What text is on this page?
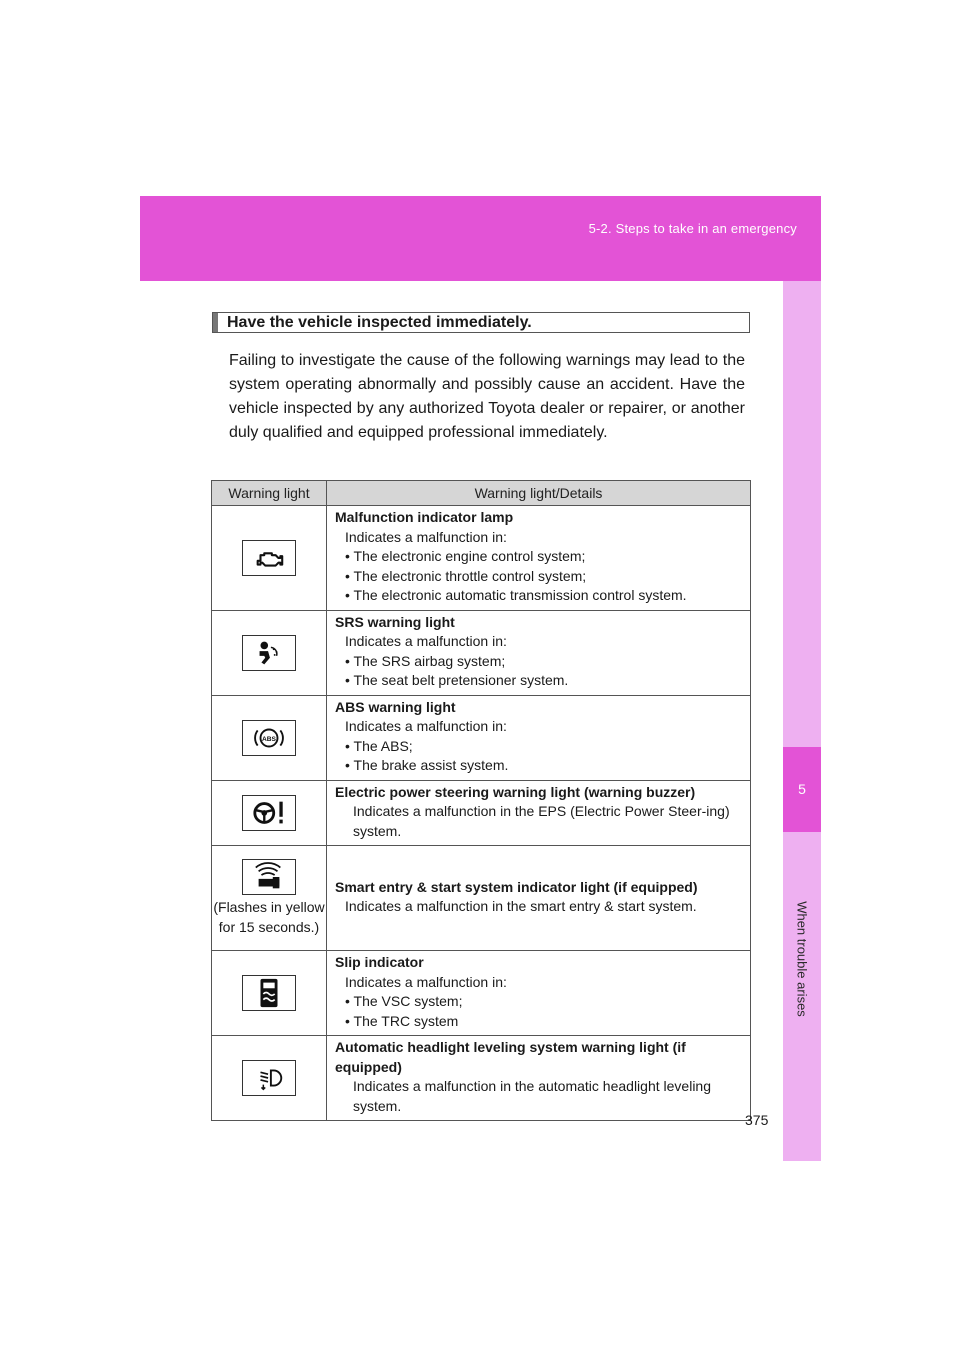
5-2. Steps to take in an emergency
5
When trouble arises
Have the vehicle inspected immediately.
Failing to investigate the cause of the following warnings may lead to the system operating abnormally and possibly cause an accident. Have the vehicle inspected by any authorized Toyota dealer or repairer, or another duly qualified and equipped professional immediately.
Warning light	Warning light/Details

Malfunction indicator lamp
Indicates a malfunction in:
• The electronic engine control system;
• The electronic throttle control system;
• The electronic automatic transmission control system.

SRS warning light
Indicates a malfunction in:
• The SRS airbag system;
• The seat belt pretensioner system.

ABS	ABS warning light
Indicates a malfunction in:
• The ABS;
• The brake assist system.

Electric power steering warning light (warning buzzer)
Indicates a malfunction in the EPS (Electric Power Steer-ing) system.

(Flashes in yellow for 15 seconds.)	Smart entry & start system indicator light (if equipped)
Indicates a malfunction in the smart entry & start system.

Slip indicator
Indicates a malfunction in:
• The VSC system;
• The TRC system

Automatic headlight leveling system warning light (if equipped)
Indicates a malfunction in the automatic headlight leveling system.
375
